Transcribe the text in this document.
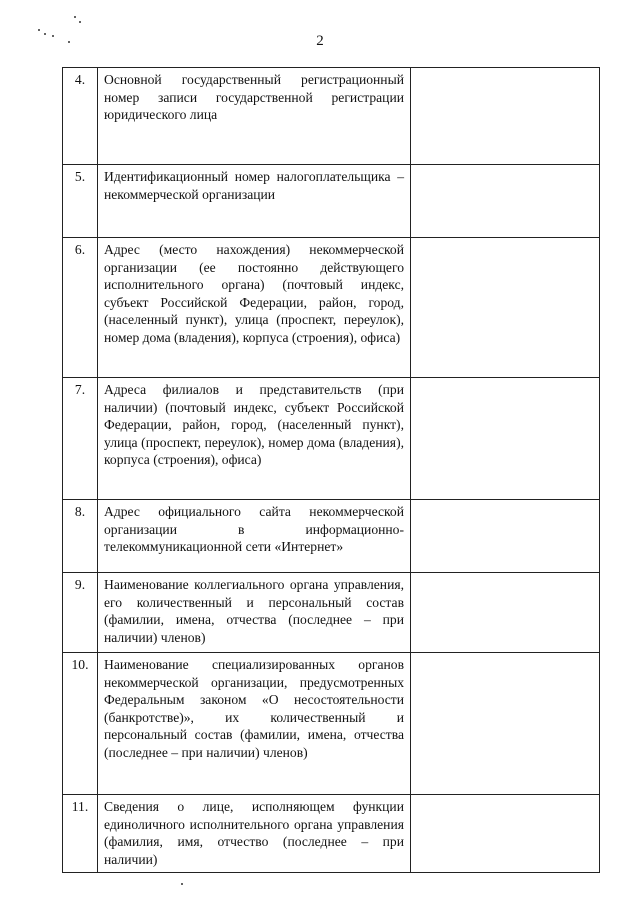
2
4.	Основной государственный регистрационный номер записи государственной регистрации юридического лица	
5.	Идентификационный номер налогоплательщика – некоммерческой организации	
6.	Адрес (место нахождения) некоммерческой организации (ее постоянно действующего исполнительного органа) (почтовый индекс, субъект Российской Федерации, район, город, (населенный пункт), улица (проспект, переулок), номер дома (владения), корпуса (строения), офиса)	
7.	Адреса филиалов и представительств (при наличии) (почтовый индекс, субъект Российской Федерации, район, город, (населенный пункт), улица (проспект, переулок), номер дома (владения), корпуса (строения), офиса)	
8.	Адрес официального сайта некоммерческой организации в информационно-телекоммуникационной сети «Интернет»	
9.	Наименование коллегиального органа управления, его количественный и персональный состав (фамилии, имена, отчества (последнее – при наличии) членов)	
10.	Наименование специализированных органов некоммерческой организации, предусмотренных Федеральным законом «О несостоятельности (банкротстве)», их количественный и персональный состав (фамилии, имена, отчества (последнее – при наличии) членов)	
11.	Сведения о лице, исполняющем функции единоличного исполнительного органа управления (фамилия, имя, отчество (последнее – при наличии)	
